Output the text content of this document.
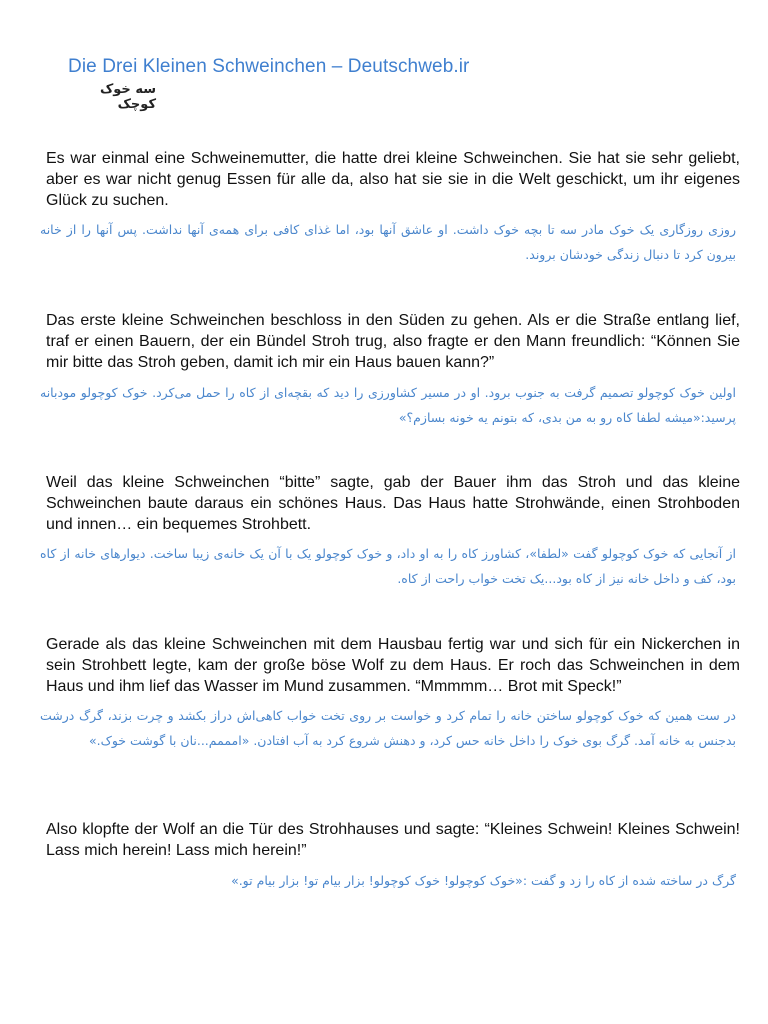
Die Drei Kleinen Schweinchen – Deutschweb.ir
سه خوک کوچک
Es war einmal eine Schweinemutter, die hatte drei kleine Schweinchen. Sie hat sie sehr geliebt, aber es war nicht genug Essen für alle da, also hat sie sie in die Welt geschickt, um ihr eigenes Glück zu suchen.
روزی روزگاری یک خوک مادر سه تا بچه خوک داشت. او عاشق آنها بود، اما غذای کافی برای همه‌ی آنها نداشت. پس آنها را از خانه بیرون کرد تا دنبال زندگی خودشان بروند.
Das erste kleine Schweinchen beschloss in den Süden zu gehen. Als er die Straße entlang lief, traf er einen Bauern, der ein Bündel Stroh trug, also fragte er den Mann freundlich: “Können Sie mir bitte das Stroh geben, damit ich mir ein Haus bauen kann?”
اولین خوک کوچولو تصمیم گرفت به جنوب برود. او در مسیر کشاورزی را دید که بقچه‌ای از کاه را حمل می‌کرد. خوک کوچولو مودبانه پرسید:«میشه لطفا کاه رو به من بدی، که بتونم یه خونه بسازم؟»
Weil das kleine Schweinchen “bitte” sagte, gab der Bauer ihm das Stroh und das kleine Schweinchen baute daraus ein schönes Haus. Das Haus hatte Strohwände, einen Strohboden und innen… ein bequemes Strohbett.
از آنجایی که خوک کوچولو گفت «لطفا»، کشاورز کاه را به او داد، و خوک کوچولو یک با آن یک خانه‌ی زیبا ساخت. دیوارهای خانه از کاه بود، کف و داخل خانه نیز از کاه بود...یک تخت خواب راحت از کاه.
Gerade als das kleine Schweinchen mit dem Hausbau fertig war und sich für ein Nickerchen in sein Strohbett legte, kam der große böse Wolf zu dem Haus. Er roch das Schweinchen in dem Haus und ihm lief das Wasser im Mund zusammen. “Mmmmm… Brot mit Speck!”
در ست همین که خوک کوچولو ساختن خانه را تمام کرد و خواست بر روی تخت خواب کاهی‌اش دراز بکشد و چرت بزند، گرگ درشت بدجنس به خانه آمد. گرگ بوی خوک را داخل خانه حس کرد، و دهنش شروع کرد به آب افتادن. «امممم...نان با گوشت خوک.»
Also klopfte der Wolf an die Tür des Strohhauses und sagte: “Kleines Schwein! Kleines Schwein! Lass mich herein! Lass mich herein!”
گرگ در ساخته شده از کاه را زد و گفت :«خوک کوچولو! خوک کوچولو! بزار بیام تو! بزار بیام تو.»
